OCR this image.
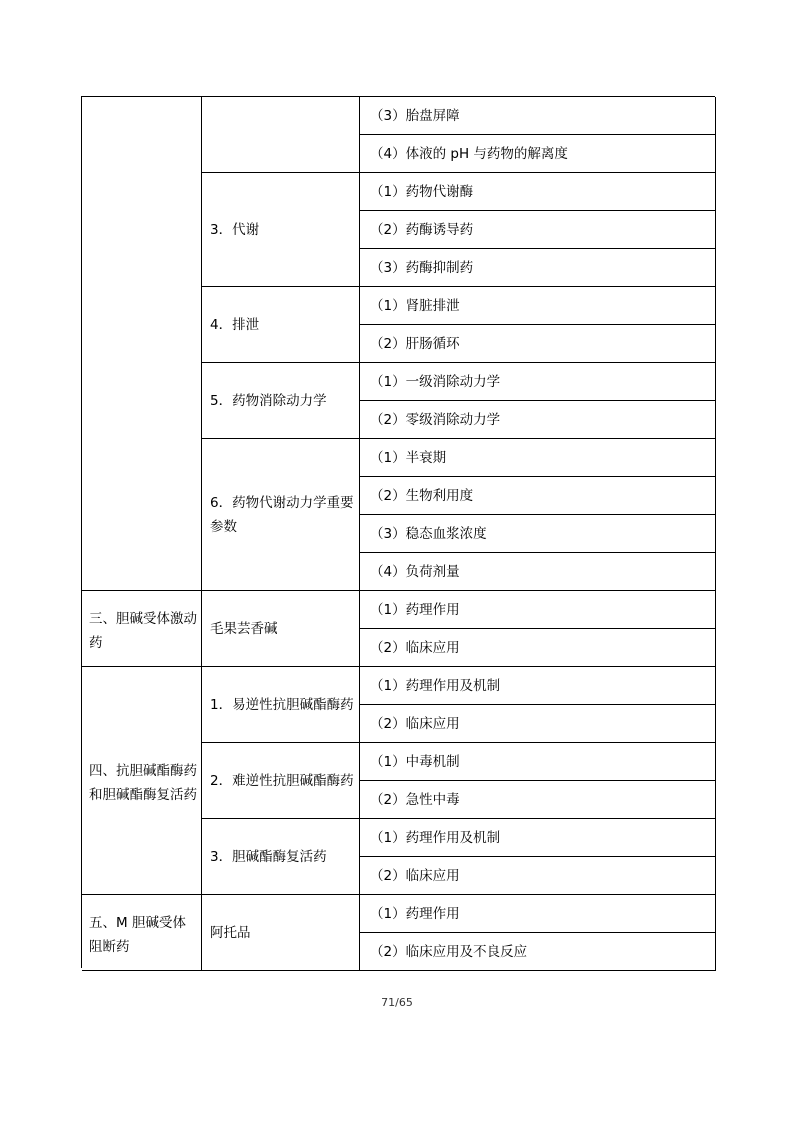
三、胆碱受体激动药
四、抗胆碱酯酶药和胆碱酯酶复活药
五、M 胆碱受体阻断药
3．代谢
4．排泄
5．药物消除动力学
6．药物代谢动力学重要参数
毛果芸香碱
1．易逆性抗胆碱酯酶药
2．难逆性抗胆碱酯酶药
3．胆碱酯酶复活药
阿托品
（3）胎盘屏障
（4）体液的 pH 与药物的解离度
（1）药物代谢酶
（2）药酶诱导药
（3）药酶抑制药
（1）肾脏排泄
（2）肝肠循环
（1）一级消除动力学
（2）零级消除动力学
（1）半衰期
（2）生物利用度
（3）稳态血浆浓度
（4）负荷剂量
（1）药理作用
（2）临床应用
（1）药理作用及机制
（2）临床应用
（1）中毒机制
（2）急性中毒
（1）药理作用及机制
（2）临床应用
（1）药理作用
（2）临床应用及不良反应
71/65
